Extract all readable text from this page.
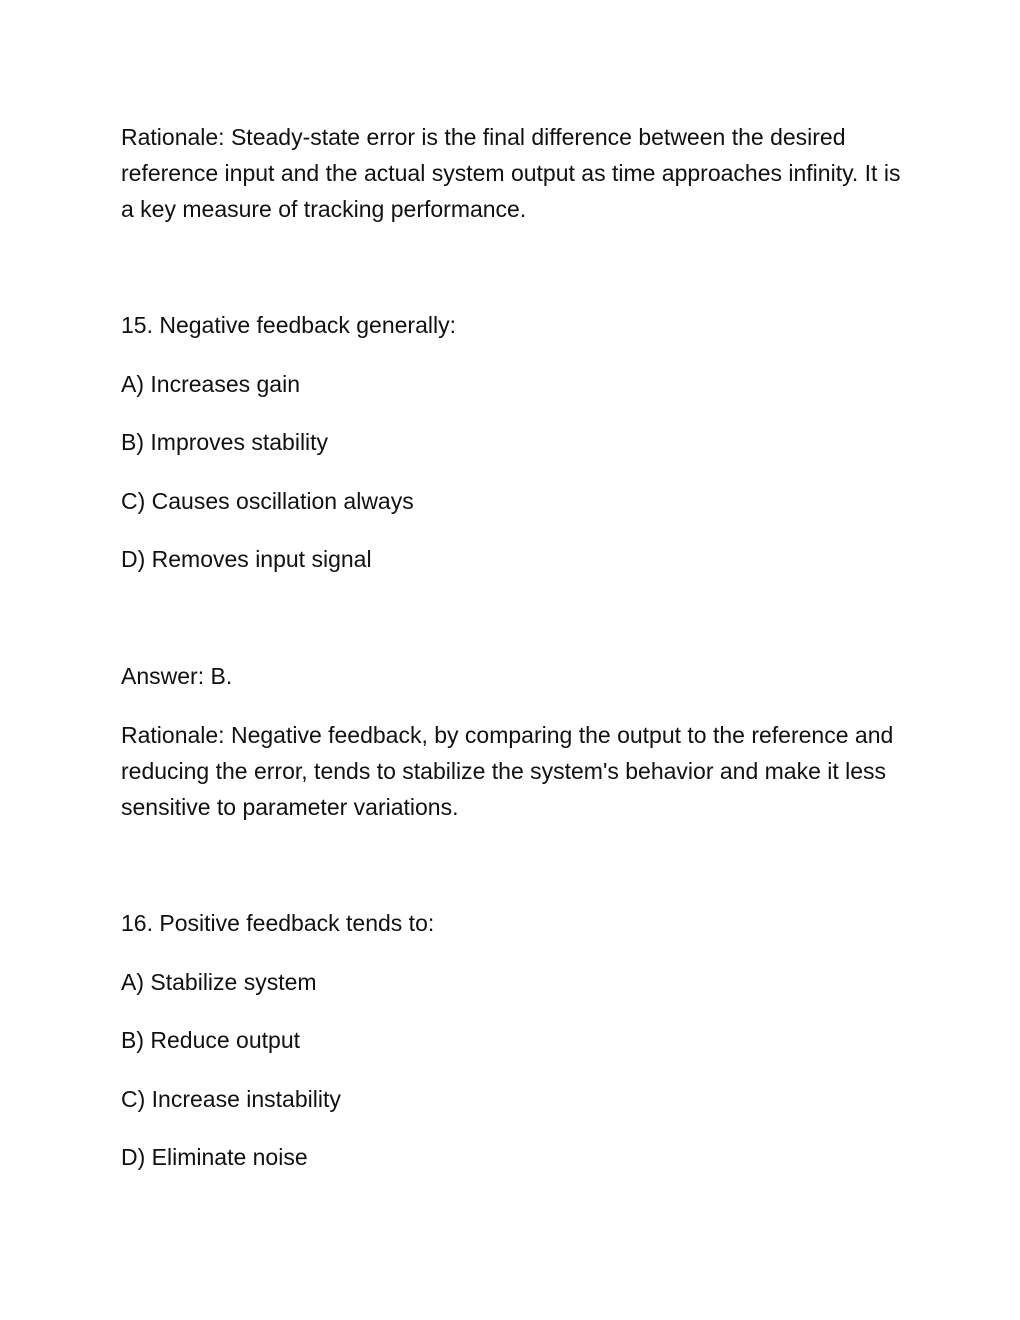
Rationale: Steady-state error is the final difference between the desired reference input and the actual system output as time approaches infinity. It is a key measure of tracking performance.

15. Negative feedback generally:

A) Increases gain

B) Improves stability

C) Causes oscillation always

D) Removes input signal

Answer: B.

Rationale: Negative feedback, by comparing the output to the reference and reducing the error, tends to stabilize the system's behavior and make it less sensitive to parameter variations.

16. Positive feedback tends to:

A) Stabilize system

B) Reduce output

C) Increase instability

D) Eliminate noise
